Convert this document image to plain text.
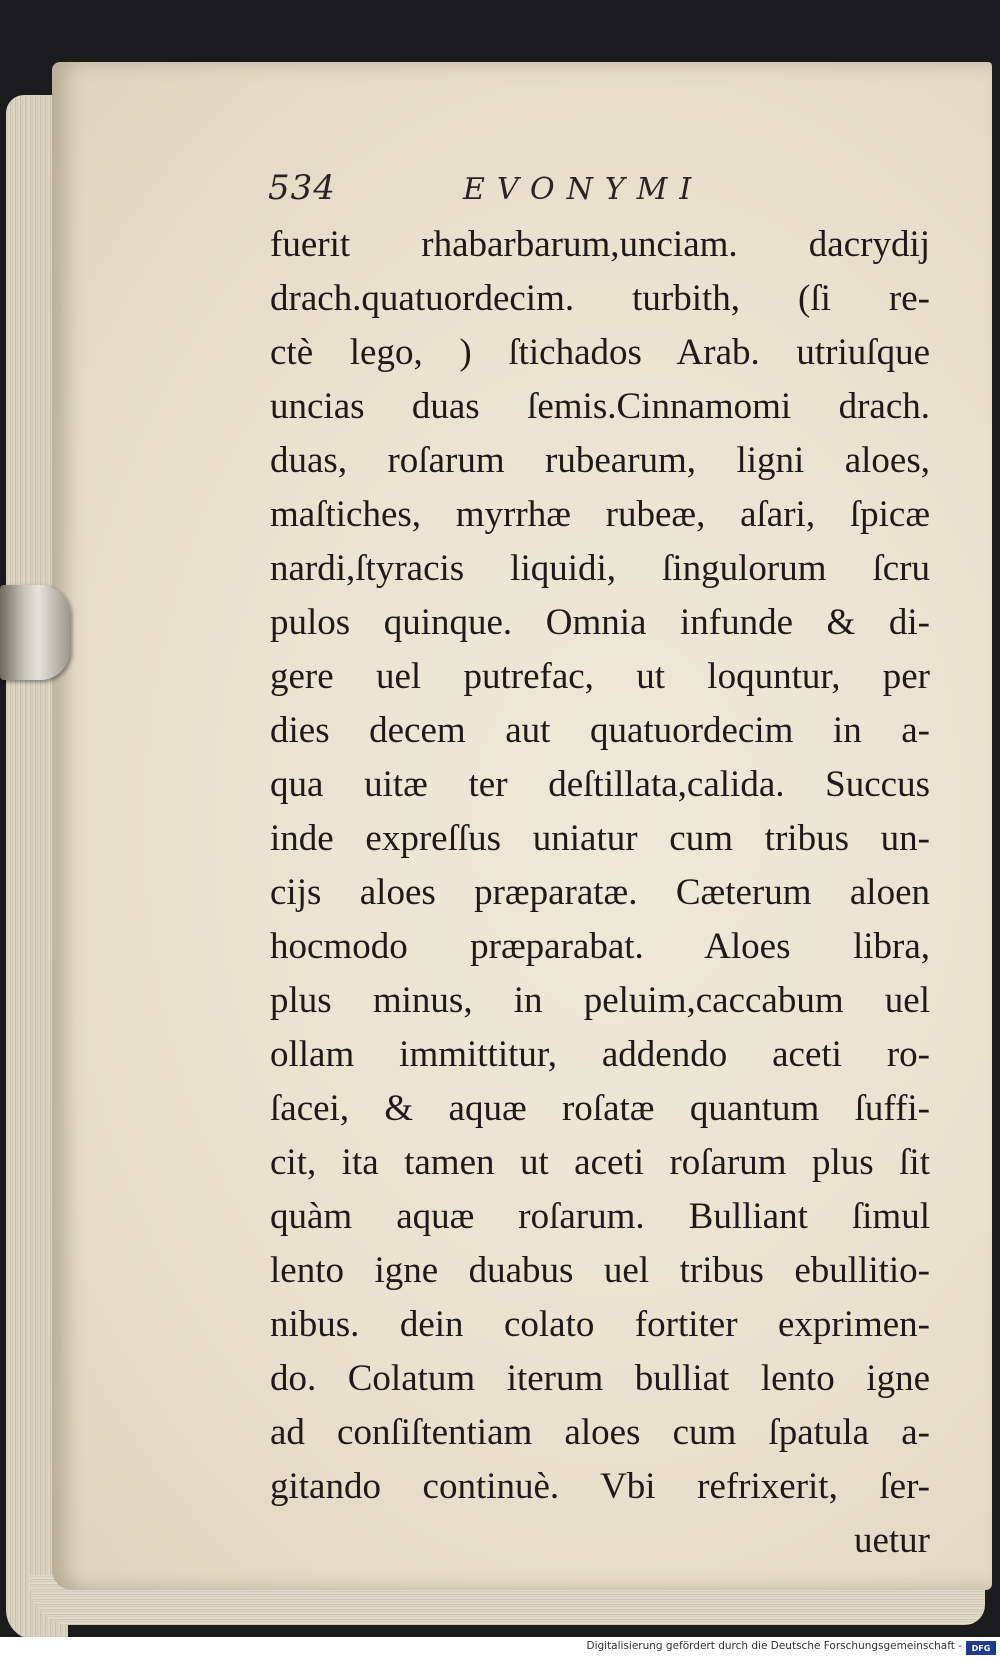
534	EVONYMI
fuerit rhabarbarum,unciam. dacrydij
drach.quatuordecim. turbith, (ſi re-
ctè lego, ) ſtichados Arab. utriuſque
uncias duas ſemis.Cinnamomi drach.
duas, roſarum rubearum, ligni aloes,
maſtiches, myrrhæ rubeæ, aſari, ſpicæ
nardi,ſtyracis liquidi, ſingulorum ſcru
pulos quinque. Omnia infunde & di-
gere uel putrefac, ut loquntur, per
dies decem aut quatuordecim in a-
qua uitæ ter deſtillata,calida. Succus
inde expreſſus uniatur cum tribus un-
cijs aloes præparatæ. Cæterum aloen
hocmodo præparabat. Aloes libra,
plus minus, in peluim,caccabum uel
ollam immittitur, addendo aceti ro-
ſacei, & aquæ roſatæ quantum ſuffi-
cit, ita tamen ut aceti roſarum plus ſit
quàm aquæ roſarum. Bulliant ſimul
lento igne duabus uel tribus ebullitio-
nibus. dein colato fortiter exprimen-
do. Colatum iterum bulliat lento igne
ad conſiſtentiam aloes cum ſpatula a-
gitando continuè. Vbi refrixerit, ſer-
uetur
Digitalisierung gefördert durch die Deutsche Forschungsgemeinschaft -	DFG
